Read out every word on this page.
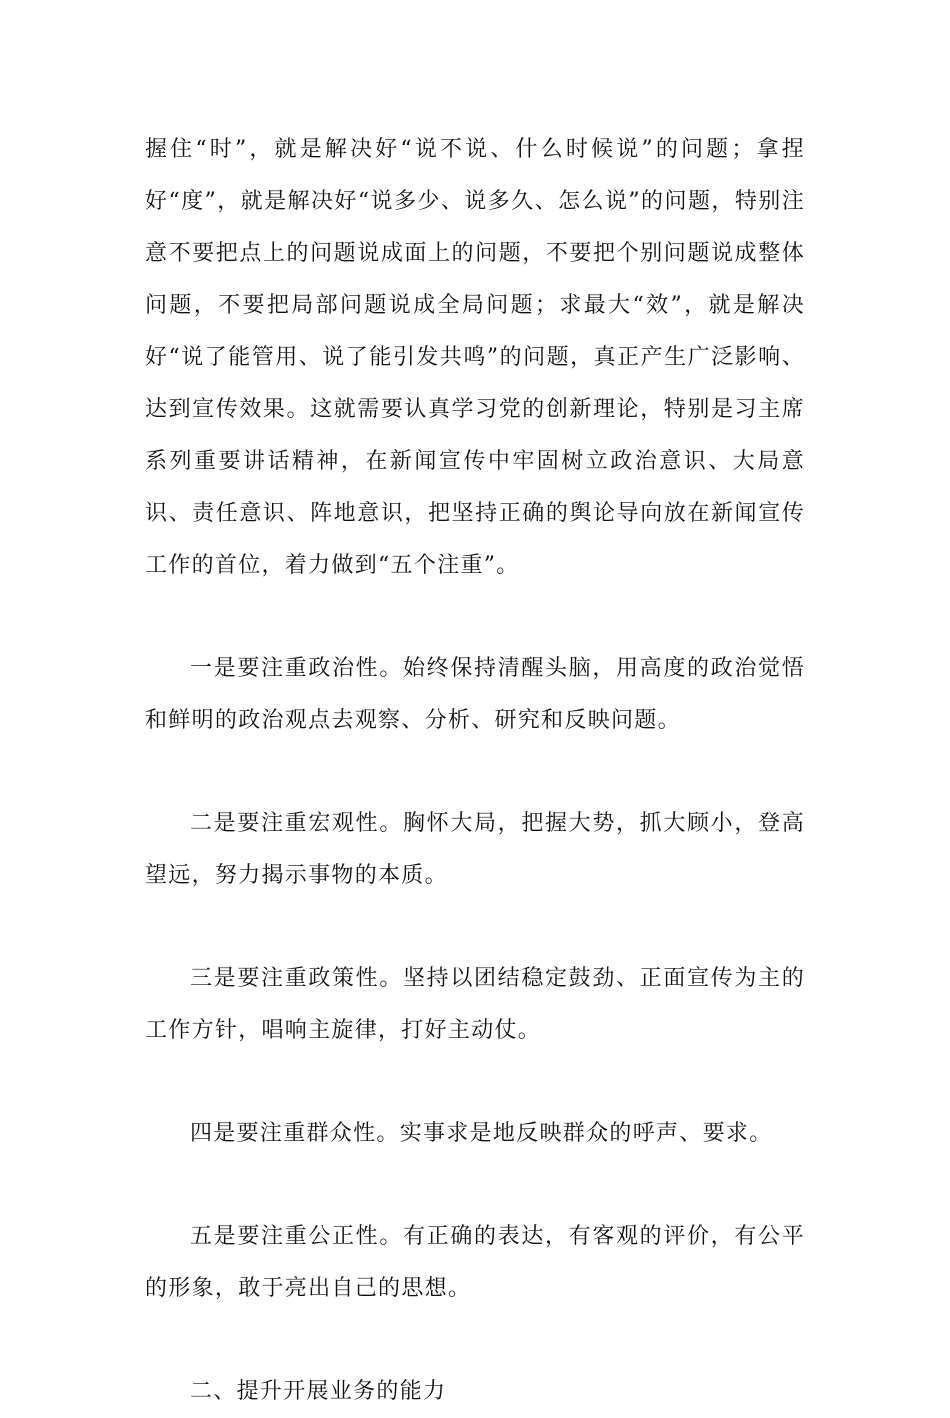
握住“时”，就是解决好“说不说、什么时候说”的问题；拿捏好“度”，就是解决好“说多少、说多久、怎么说”的问题，特别注意不要把点上的问题说成面上的问题，不要把个别问题说成整体问题，不要把局部问题说成全局问题；求最大“效”，就是解决好“说了能管用、说了能引发共鸣”的问题，真正产生广泛影响、达到宣传效果。这就需要认真学习党的创新理论，特别是习主席系列重要讲话精神，在新闻宣传中牢固树立政治意识、大局意识、责任意识、阵地意识，把坚持正确的舆论导向放在新闻宣传工作的首位，着力做到“五个注重”。

一是要注重政治性。始终保持清醒头脑，用高度的政治觉悟和鲜明的政治观点去观察、分析、研究和反映问题。

二是要注重宏观性。胸怀大局，把握大势，抓大顾小，登高望远，努力揭示事物的本质。

三是要注重政策性。坚持以团结稳定鼓劲、正面宣传为主的工作方针，唱响主旋律，打好主动仗。

四是要注重群众性。实事求是地反映群众的呼声、要求。

五是要注重公正性。有正确的表达，有客观的评价，有公平的形象，敢于亮出自己的思想。

二、提升开展业务的能力
